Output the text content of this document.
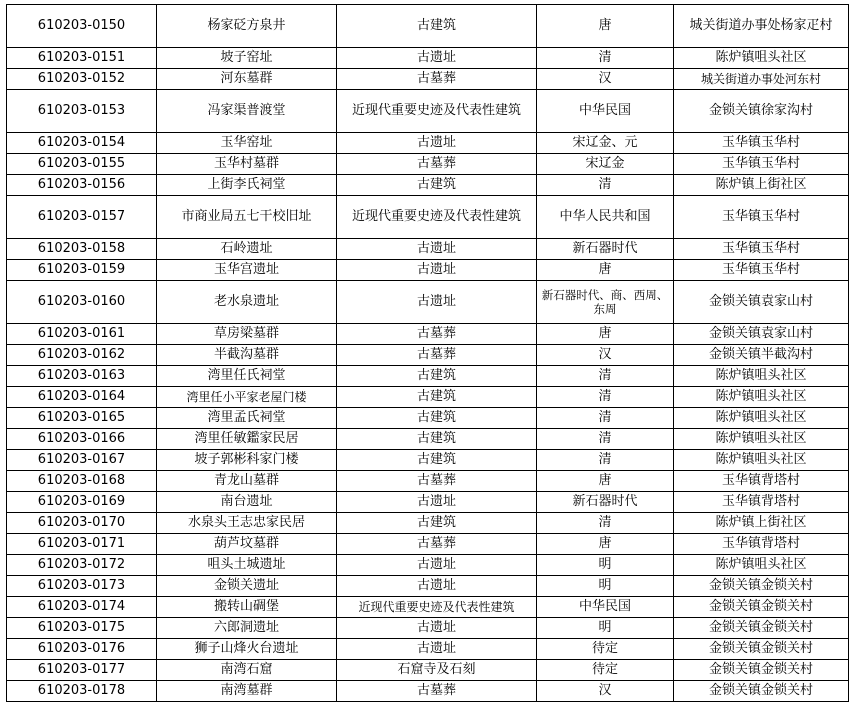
610203-0150	杨家砭方泉井	古建筑	唐	城关街道办事处杨家疋村
610203-0151	坡子窑址	古遗址	清	陈炉镇咀头社区
610203-0152	河东墓群	古墓葬	汉	城关街道办事处河东村
610203-0153	冯家渠普渡堂	近现代重要史迹及代表性建筑	中华民国	金锁关镇徐家沟村
610203-0154	玉华窑址	古遗址	宋辽金、元	玉华镇玉华村
610203-0155	玉华村墓群	古墓葬	宋辽金	玉华镇玉华村
610203-0156	上街李氏祠堂	古建筑	清	陈炉镇上街社区
610203-0157	市商业局五七干校旧址	近现代重要史迹及代表性建筑	中华人民共和国	玉华镇玉华村
610203-0158	石岭遗址	古遗址	新石器时代	玉华镇玉华村
610203-0159	玉华宫遗址	古遗址	唐	玉华镇玉华村
610203-0160	老水泉遗址	古遗址	新石器时代、商、西周、东周	金锁关镇袁家山村
610203-0161	草房梁墓群	古墓葬	唐	金锁关镇袁家山村
610203-0162	半截沟墓群	古墓葬	汉	金锁关镇半截沟村
610203-0163	湾里任氏祠堂	古建筑	清	陈炉镇咀头社区
610203-0164	湾里任小平家老屋门楼	古建筑	清	陈炉镇咀头社区
610203-0165	湾里孟氏祠堂	古建筑	清	陈炉镇咀头社区
610203-0166	湾里任敏鑑家民居	古建筑	清	陈炉镇咀头社区
610203-0167	坡子郭彬科家门楼	古建筑	清	陈炉镇咀头社区
610203-0168	青龙山墓群	古墓葬	唐	玉华镇背塔村
610203-0169	南台遗址	古遗址	新石器时代	玉华镇背塔村
610203-0170	水泉头王志忠家民居	古建筑	清	陈炉镇上街社区
610203-0171	葫芦坟墓群	古墓葬	唐	玉华镇背塔村
610203-0172	咀头土城遗址	古遗址	明	陈炉镇咀头社区
610203-0173	金锁关遗址	古遗址	明	金锁关镇金锁关村
610203-0174	搬转山碉堡	近现代重要史迹及代表性建筑	中华民国	金锁关镇金锁关村
610203-0175	六郎洞遗址	古遗址	明	金锁关镇金锁关村
610203-0176	狮子山烽火台遗址	古遗址	待定	金锁关镇金锁关村
610203-0177	南湾石窟	石窟寺及石刻	待定	金锁关镇金锁关村
610203-0178	南湾墓群	古墓葬	汉	金锁关镇金锁关村
